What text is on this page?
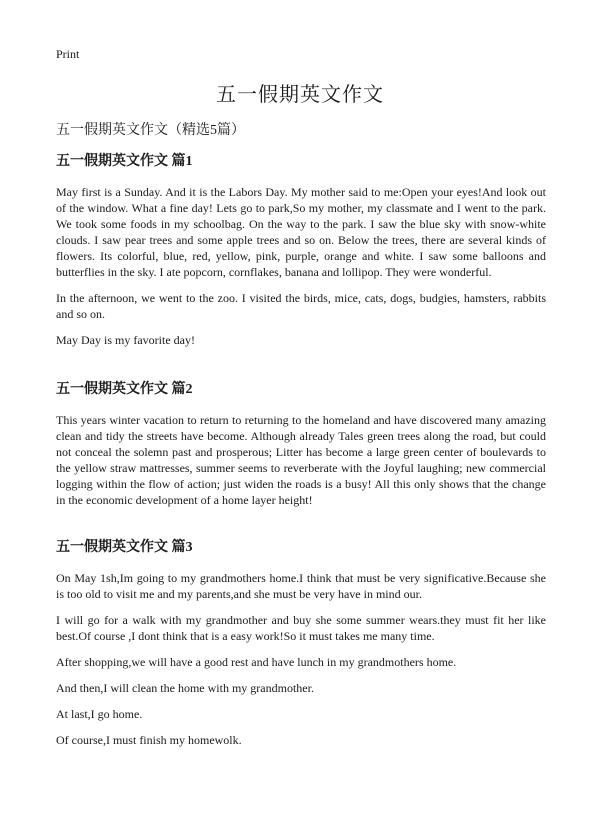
Print
五一假期英文作文

五一假期英文作文（精选5篇）

五一假期英文作文 篇1

May first is a Sunday. And it is the Labors Day. My mother said to me:Open your eyes!And look out of the window. What a fine day! Lets go to park,So my mother, my classmate and I went to the park. We took some foods in my schoolbag. On the way to the park. I saw the blue sky with snow-white clouds. I saw pear trees and some apple trees and so on. Below the trees, there are several kinds of flowers. Its colorful, blue, red, yellow, pink, purple, orange and white. I saw some balloons and butterflies in the sky. I ate popcorn, cornflakes, banana and lollipop. They were wonderful.

In the afternoon, we went to the zoo. I visited the birds, mice, cats, dogs, budgies, hamsters, rabbits and so on.

May Day is my favorite day!

五一假期英文作文 篇2

This years winter vacation to return to returning to the homeland and have discovered many amazing clean and tidy the streets have become. Although already Tales green trees along the road, but could not conceal the solemn past and prosperous; Litter has become a large green center of boulevards to the yellow straw mattresses, summer seems to reverberate with the Joyful laughing; new commercial logging within the flow of action; just widen the roads is a busy! All this only shows that the change in the economic development of a home layer height!

五一假期英文作文 篇3

On May 1sh,Im going to my grandmothers home.I think that must be very significative.Because she is too old to visit me and my parents,and she must be very have in mind our.

I will go for a walk with my grandmother and buy she some summer wears.they must fit her like best.Of course ,I dont think that is a easy work!So it must takes me many time.

After shopping,we will have a good rest and have lunch in my grandmothers home.

And then,I will clean the home with my grandmother.

At last,I go home.

Of course,I must finish my homewolk.
